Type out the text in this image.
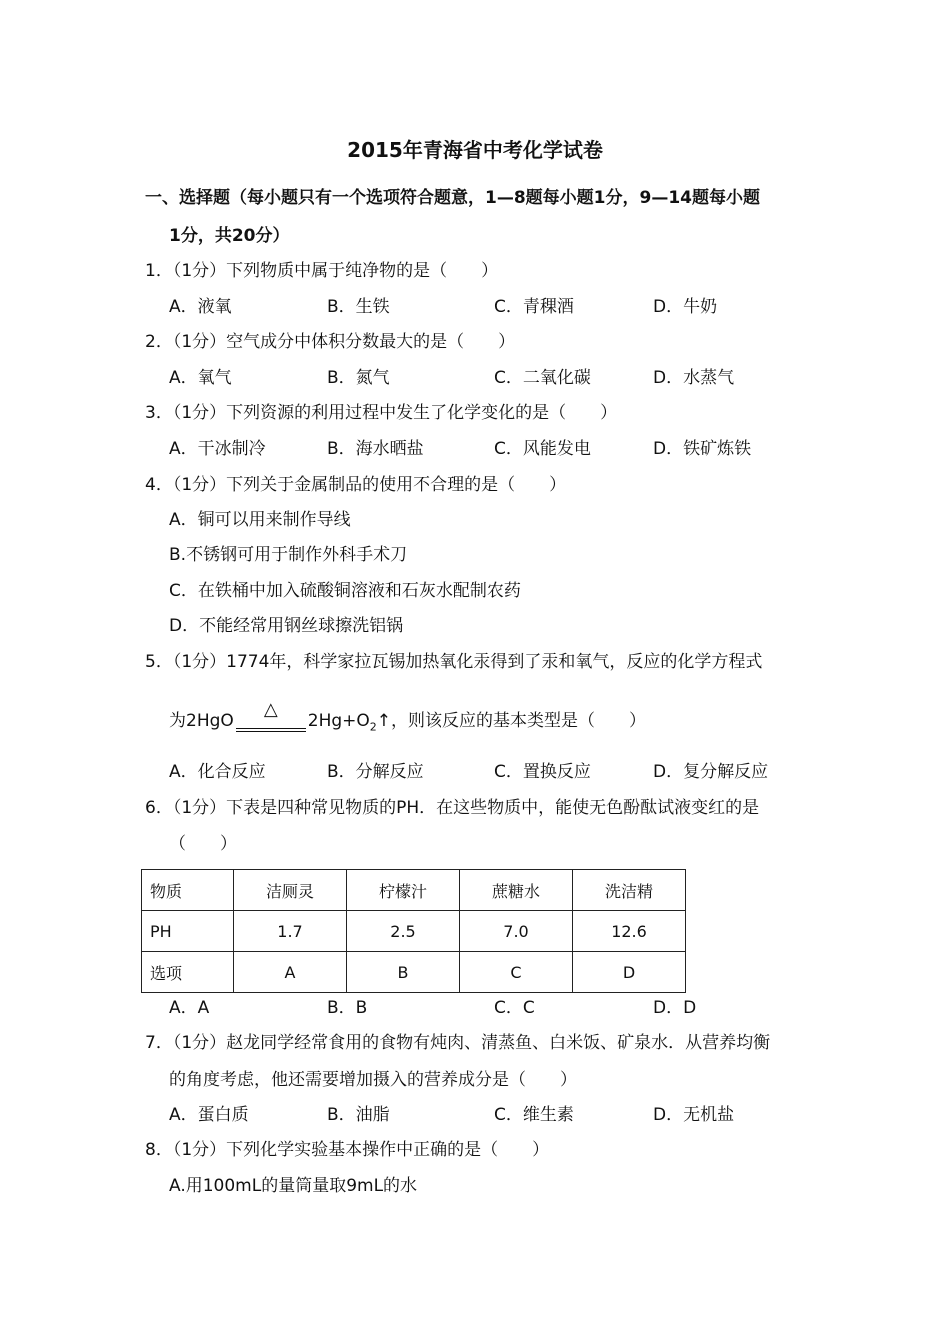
2015年青海省中考化学试卷
一、选择题（每小题只有一个选项符合题意，1—8题每小题1分，9—14题每小题
1分，共20分）
1．（1分）下列物质中属于纯净物的是（　　）
A．液氧	B．生铁	C．青稞酒	D．牛奶
2．（1分）空气成分中体积分数最大的是（　　）
A．氧气	B．氮气	C．二氧化碳	D．水蒸气
3．（1分）下列资源的利用过程中发生了化学变化的是（　　）
A．干冰制冷	B．海水晒盐	C．风能发电	D．铁矿炼铁
4．（1分）下列关于金属制品的使用不合理的是（　　）
A．铜可以用来制作导线
B.不锈钢可用于制作外科手术刀
C．在铁桶中加入硫酸铜溶液和石灰水配制农药
D．不能经常用钢丝球擦洗铝锅
5．（1分）1774年，科学家拉瓦锡加热氧化汞得到了汞和氧气，反应的化学方程式
为2HgO
△
$2Hg+O_2↑$，则该反应的基本类型是（　　）
A．化合反应	B．分解反应	C．置换反应	D．复分解反应
6．（1分）下表是四种常见物质的PH．在这些物质中，能使无色酚酞试液变红的是
（　　）
物质	洁厕灵	柠檬汁	蔗糖水	洗洁精
PH	1.7	2.5	7.0	12.6
选项	A	B	C	D
A．A	B．B	C．C	D．D
7．（1分）赵龙同学经常食用的食物有炖肉、清蒸鱼、白米饭、矿泉水．从营养均衡
的角度考虑，他还需要增加摄入的营养成分是（　　）
A．蛋白质	B．油脂	C．维生素	D．无机盐
8．（1分）下列化学实验基本操作中正确的是（　　）
A.用100mL的量筒量取9mL的水
